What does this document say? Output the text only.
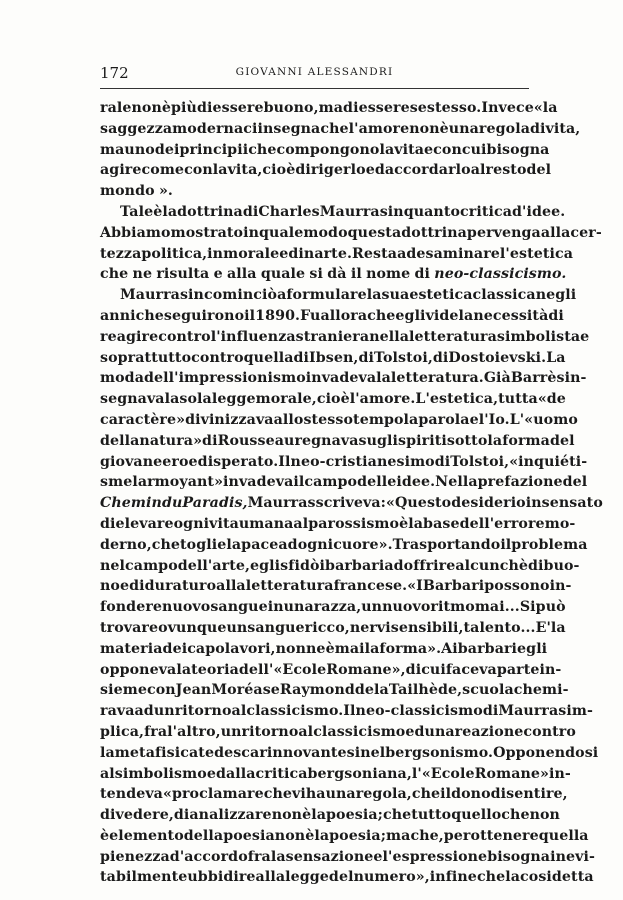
172	GIOVANNI ALESSANDRI
rale non è più di essere buono, ma di essere se stesso. Invece « la
saggezza moderna ci insegna che l'amore non è una regola di vita,
ma uno dei principii che compongono la vita e con cui bisogna
agire come con la vita, cioè dirigerlo ed accordarlo al resto del
mondo ».
Tale è la dottrina di Charles Maurras in quanto critica d'idee.
Abbiamo mostrato in quale modo questa dottrina pervenga alla cer-
tezza politica, in morale ed in arte. Resta ad esaminare l'estetica
che ne risulta e alla quale si dà il nome di neo-classicismo.
Maurras incominciò a formulare la sua estetica classica negli
anni che seguirono il 1890. Fu allora che egli vide la necessità di
reagire contro l'influenza straniera nella letteratura simbolista e
soprattutto contro quella di Ibsen, di Tolstoi, di Dostoievski. La
moda dell'impressionismo invadeva la letteratura. Già Barrès in-
segnava la sola legge morale, cioè l'amore. L'estetica, tutta « de
caractère » divinizzava allo stesso tempo la parola e l'Io. L' « uomo
della natura » di Rousseau regnava sugli spiriti sotto la forma del
giovane eroe disperato. Il neo-cristianesimo di Tolstoi, « inquiéti-
sme larmoyant » invadeva il campo delle idee. Nella prefazione del
Chemin du Paradis, Maurras scriveva: « Questo desiderio insensato
di elevare ogni vita umana al parossismo è la base dell'errore mo-
derno, che toglie la pace ad ogni cuore ». Trasportando il problema
nel campo dell'arte, egli sfidò i barbari ad offrire alcunchè di buo-
no e di duraturo alla letteratura francese. « I Barbari possono in-
fondere nuovo sangue in una razza, un nuovo ritmo mai... Si può
trovare ovunque un sangue ricco, nervi sensibili, talento... E' la
materia dei capolavori, non ne è mai la forma ». Ai barbari egli
opponeva la teoria dell' « Ecole Romane », di cui faceva parte in-
sieme con Jean Moréas e Raymond de la Tailhède, scuola che mi-
rava ad un ritorno al classicismo. Il neo-classicismo di Maurras im-
plica, fra l'altro, un ritorno al classicismo ed una reazione contro
la metafisica tedesca rinnovantesi nel bergsonismo. Opponendosi
al simbolismo ed alla critica bergsoniana, l' « Ecole Romane » in-
tendeva « proclamare che vi ha una regola, che il dono di sentire,
di vedere, di analizzare non è la poesia; che tutto quello che non
è elemento della poesia non è la poesia; ma che, per ottenere quella
pienezza d'accordo fra la sensazione e l'espressione bisogna inevi-
tabilmente ubbidire alla legge del numero », infine che la cosidetta
